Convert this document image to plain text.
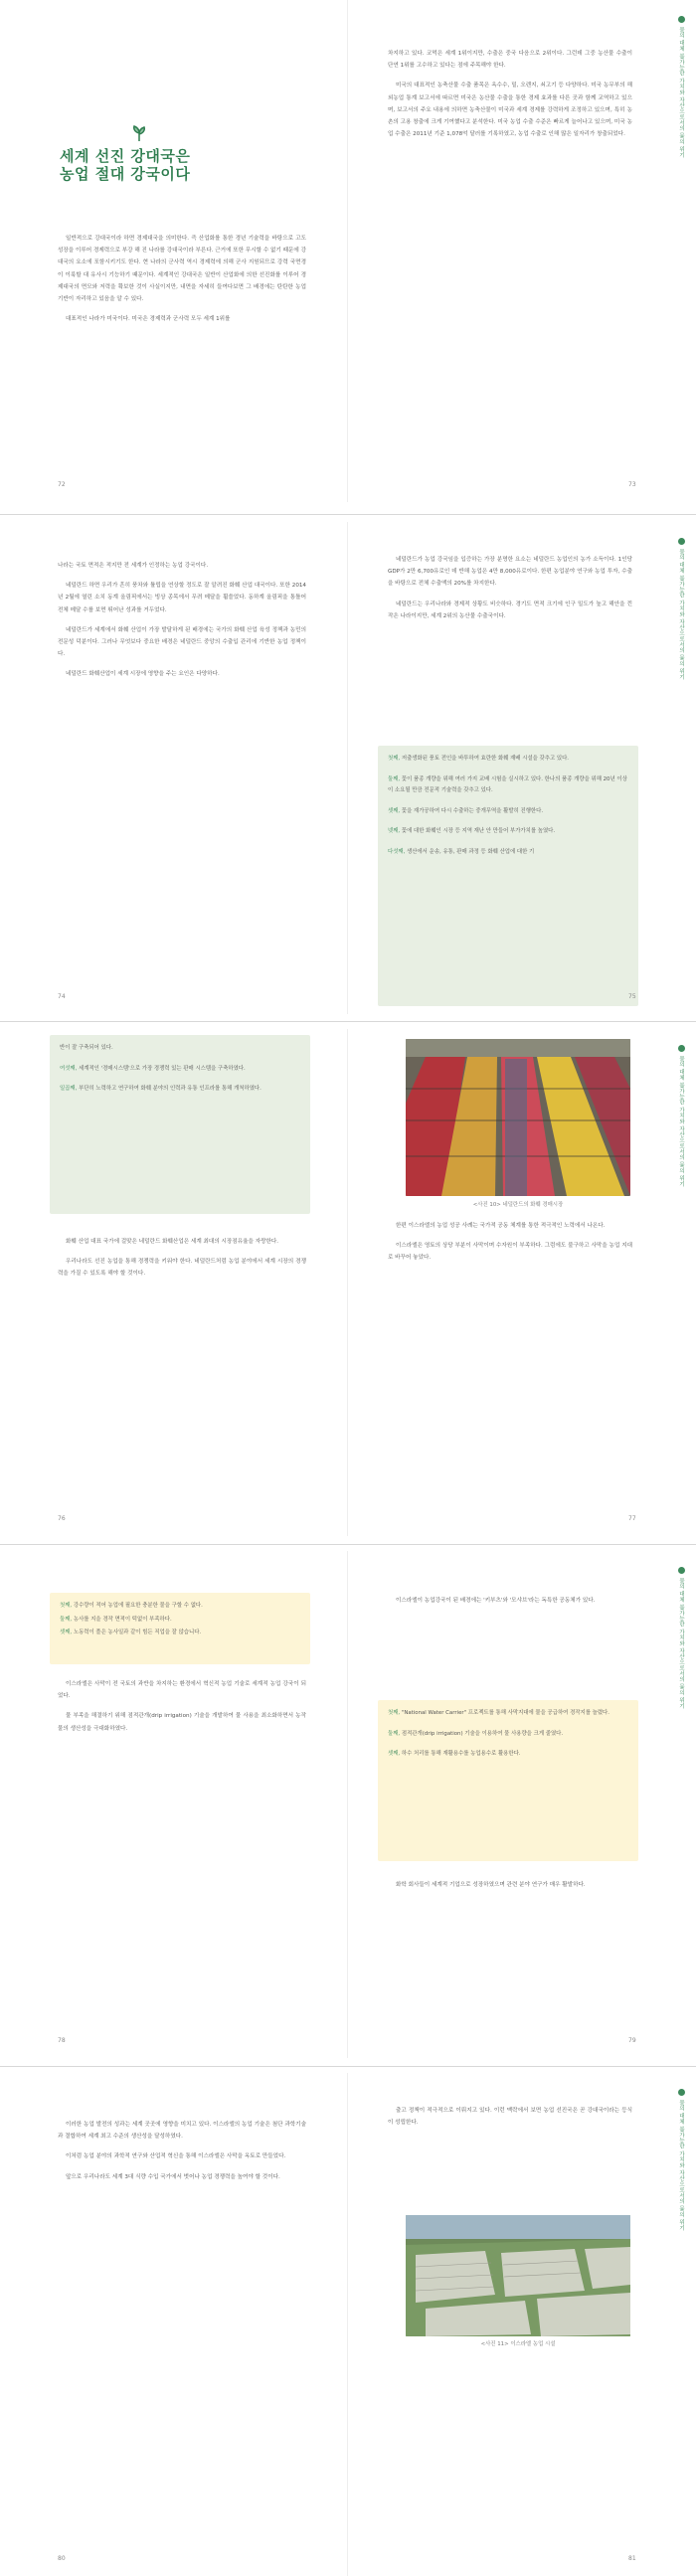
세계 선진 강대국은
농업 절대 강국이다

일반적으로 강대국이라 하면 경제대국을 의미한다. 즉 산업화를 통한 경년 기술력을 바탕으로 고도성장을 이루어 경제력으로 부강 해 진 나라를 강대국이라 부른다. 근거에 또한 무시할 수 없기 때문에 강대국의 요소에 포함시키기도 한다. 현 나라의 군사력 역시 경제력에 의해 군사 지원되므로 강력 국면경이 이룩할 대 유사시 기능하기 때문이다. 세계적인 강대국은 일반이 산업화에 의한 선진화를 이루어 경제대국의 면모와 저력을 확보한 것이 사실이지만, 내면을 자세히 들여다보면 그 배경에는 탄탄한 농업 기반이 자리하고 있음을 알 수 있다.

대표적인 나라가 미국이다. 미국은 경제력과 군사력 모두 세계 1위를

72
물의 대체 불가능한 가치와 자산으로서의 물의 위기

차지하고 있다. 코먹은 세계 1위이지만, 수출은 중국 다음으로 2위이다. 그런데 그중 농산물 수출이 단연 1위를 고수하고 있다는 점에 주목해야 한다.

미국의 대표적인 농축산물 수출 품목은 옥수수, 밀, 오렌지, 쇠고기 등 다양하다. 미국 농무부의 해외농업 통계 보고서에 따르면 미국은 농산물 수출을 통한 경제 효과를 다른 곳과 함께 교역하고 있으며, 보고서의 주요 내용에 의하면 농축산물이 미국과 세계 경제를 강력하게 조정하고 있으며, 특히 농촌의 고용 창출에 크게 기여했다고 분석한다. 미국 농업 수출 수준은 빠르게 늘어나고 있으며, 미국 농업 수출은 2011년 기준 1,078억 달러를 기록하였고, 농업 수출로 인해 많은 일자리가 창출되었다.

73

나라는 국토 면적은 적지만 전 세계가 인정하는 농업 강국이다.

네덜란드 하면 우리가 흔히 풍차와 튤립을 연상할 정도로 잘 알려진 화훼 산업 대국이다. 또한 2014년 2월에 열린 소치 동계 올림픽에서는 빙상 종목에서 무려 메달을 휩쓸었다. 동하계 올림픽을 통틀어 전체 메달 수를 보면 뛰어난 성과를 거두었다.

네덜란드가 세계에서 화훼 산업이 가장 발달하게 된 배경에는 국가의 화훼 산업 육성 정책과 농민의 전문성 덕분이다. 그러나 무엇보다 중요한 배경은 네덜란드 중앙의 수출입 관리에 기반한 농업 정책이다.

네덜란드 화훼산업이 세계 시장에 영향을 주는 요인은 다양하다.

74
물의 대체 불가능한 가치와 자산으로서의 물의 위기

네덜란드가 농업 강국임을 입증하는 가장 분명한 요소는 네덜란드 농업인의 농가 소득이다. 1인당 GDP가 2만 6,700유로인 데 반해 농업은 4만 8,000유로이다. 한편 농업분야 연구와 농업 투자, 수출을 바탕으로 전체 수출액의 20%를 차지한다.

네덜란드는 우리나라와 경제적 상황도 비슷하다. 경기도 면적 크기에 인구 밀도가 높고 해안을 낀 작은 나라이지만, 세계 2위의 농산물 수출국이다.

첫째, 저출생화된 풍토 전인을 바투하여 효란한 화훼 재배 시설을 갖추고 있다.
둘째, 꽃이 품종 개량을 위해 여러 가지 교배 시험을 실시하고 있다. 한나의 품종 개량을 위해 20년 이상이 소요될 만큼 전문적 기술력을 갖추고 있다.
셋째, 꽃을 재가공하여 다시 수출하는 중개무역을 활발히 진행한다.
넷째, 꽃에 대한 화훼인 시장 등 지역 재난 안 만들어 부가가치를 높였다.
다섯째, 생산에서 운송, 유통, 판매 과정 등 화훼 산업에 대한 기
75
반이 잘 구축되어 있다.
여섯째, 세계적인 '경매시스템'으로 가장 경쟁력 있는 판매 시스템을 구축하였다.
일곱째, 부단히 노력하고 연구하여 화훼 분야의 인력과 유통 인프라를 통해 개척하였다.

화훼 산업 대표 국가에 걸맞은 네덜란드 화훼산업은 세계 최대의 시장점유율을 자랑한다.

우리나라도 선진 농업을 통해 경쟁력을 키워야 한다. 네덜란드처럼 농업 분야에서 세계 시장의 경쟁력을 가질 수 있도록 해야 할 것이다.

76
물의 대체 불가능한 가치와 자산으로서의 물의 위기
<사진 10> 네덜란드의 화훼 경매시장

한편 이스라엘의 농업 성공 사례는 국가적 공동 체계를 통한 적극적인 노력에서 나온다.

이스라엘은 영토의 상당 부분이 사막이며 수자원이 부족하다. 그럼에도 불구하고 사막을 농업 지대로 바꾸어 놓았다.

77
첫째, 강수량이 적어 농업에 필요한 충분한 물을 구할 수 없다.
둘째, 농사를 지을 경작 면적이 턱없이 부족하다.
셋째, 노동력이 풀은 농사일과 같이 힘든 직업을 잘 않습니다.

이스라엘은 사막이 전 국토의 과반을 차지하는 환경에서 혁신적 농업 기술로 세계적 농업 강국이 되었다.

물 부족을 해결하기 위해 점적관개(drip irrigation) 기술을 개발하여 물 사용을 최소화하면서 농작물의 생산성을 극대화하였다.

78
물의 대체 불가능한 가치와 자산으로서의 물의 위기

이스라엘이 농업강국이 된 배경에는 '키부츠'와 '모샤브'라는 독특한 공동체가 있다.

첫째, "National Water Carrier" 프로젝트를 통해 사막지대에 물을 공급하여 경작지를 늘렸다.
둘째, 점적관개(drip irrigation) 기술을 이용하여 물 사용량을 크게 줄였다.
셋째, 하수 처리를 통해 재활용수를 농업용수로 활용한다.

화학 회사들이 세계적 기업으로 성장하였으며 관련 분야 연구가 매우 활발하다.

79

이러한 농업 발전의 성과는 세계 곳곳에 영향을 미치고 있다. 이스라엘의 농업 기술은 첨단 과학기술과 결합하여 세계 최고 수준의 생산성을 달성하였다.

이처럼 농업 분야의 과학적 연구와 산업적 혁신을 통해 이스라엘은 사막을 옥토로 만들었다.

앞으로 우리나라도 세계 3대 식량 수입 국가에서 벗어나 농업 경쟁력을 높여야 할 것이다.

80
물의 대체 불가능한 가치와 자산으로서의 물의 위기

출고 정책이 적극적으로 이뤄지고 있다. 이런 맥락에서 보면 농업 선진국은 곧 강대국이라는 등식이 성립한다.

<사진 11> 이스라엘 농업 시설
81
